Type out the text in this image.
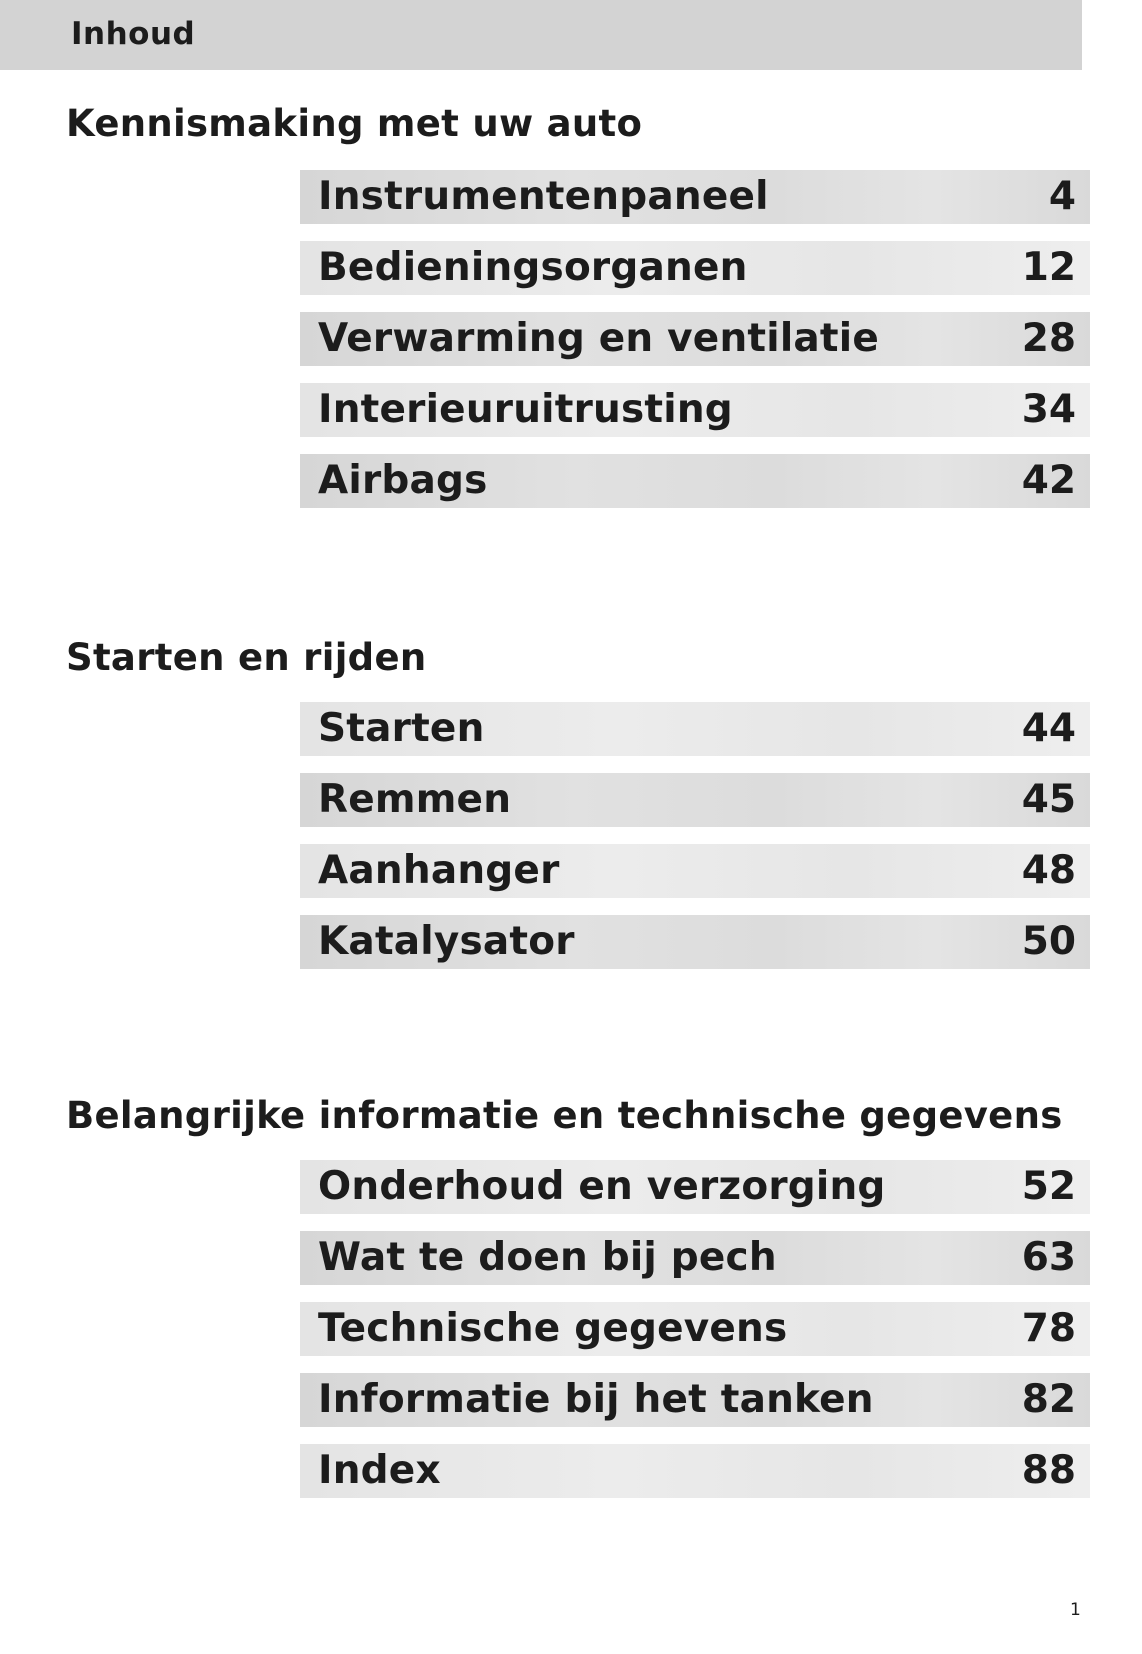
Inhoud
Kennismaking met uw auto
Instrumentenpaneel	4
Bedieningsorganen	12
Verwarming en ventilatie	28
Interieuruitrusting	34
Airbags	42
Starten en rijden
Starten	44
Remmen	45
Aanhanger	48
Katalysator	50
Belangrijke informatie en technische gegevens
Onderhoud en verzorging	52
Wat te doen bij pech	63
Technische gegevens	78
Informatie bij het tanken	82
Index	88
1
